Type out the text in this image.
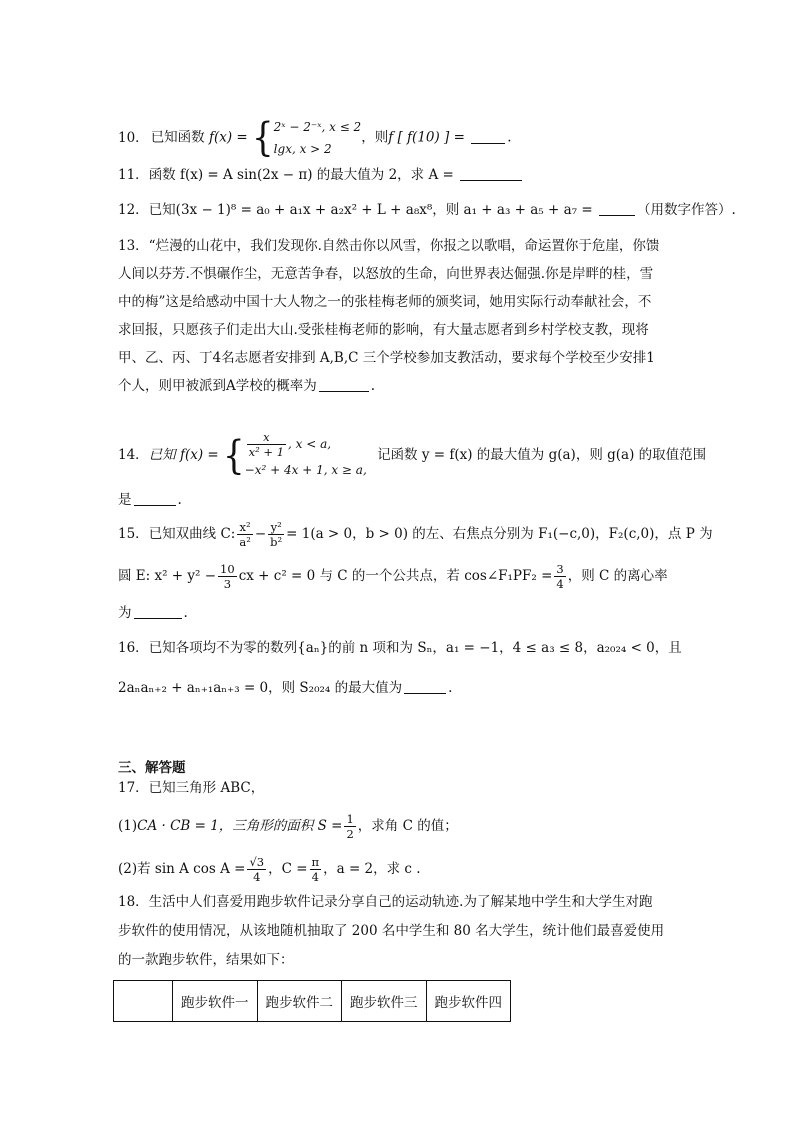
10． 已知函数 f(x) = { 2ˣ − 2⁻ˣ, x ≤ 2
lgx, x > 2
，则f [ f(10) ] =	.
11．函数 f(x) = A sin(2x − π) 的最大值为 2，求 A =
12．已知(3x − 1)⁸ = a₀ + a₁x + a₂x² + L + a₈x⁸，则 a₁ + a₃ + a₅ + a₇ =	（用数字作答）.
13．“烂漫的山花中，我们发现你.自然击你以风雪，你报之以歌唱，命运置你于危崖，你馈
人间以芬芳.不惧碾作尘，无意苦争春，以怒放的生命，向世界表达倔强.你是岸畔的桂，雪
中的梅”这是给感动中国十大人物之一的张桂梅老师的颁奖词，她用实际行动奉献社会，不
求回报，只愿孩子们走出大山.受张桂梅老师的影响，有大量志愿者到乡村学校支教，现将
甲、乙、丙、丁4名志愿者安排到 A,B,C 三个学校参加支教活动，要求每个学校至少安排1
个人，则甲被派到A学校的概率为	.
14．已知 f(x) = { $\frac{x}{\text{x² + 1}}$ , x < a,
−x² + 4x + 1, x ≥ a,
记函数 y = f(x) 的最大值为 g(a)，则 g(a) 的取值范围
是	.
15．已知双曲线 C: $\frac{\text{x²}}{\text{a²}} - \frac{\text{y²}}{\text{b²}} = 1(a > 0$，b > 0) 的左、右焦点分别为 F₁(−c,0)，F₂(c,0)，点 P 为
圆 E: $x^2 + y^2 - \frac{10}{3}$ cx + c² = 0 与 C 的一个公共点，若 cos∠F₁PF₂ = $\frac{3}{4}$ ，则 C 的离心率
为	.
16．已知各项均不为零的数列{aₙ}的前 n 项和为 Sₙ，a₁ = −1，4 ≤ a₃ ≤ 8，a₂₀₂₄ < 0，且
2aₙaₙ₊₂ + aₙ₊₁aₙ₊₃ = 0，则 S₂₀₂₄ 的最大值为	.
三、解答题
17．已知三角形 ABC，
(1)CA · CB = 1，三角形的面积 $S = \frac{1}{2}$ ，求角 C 的值；
(2)若 sin A $\cos A = \frac{√3}{4}$ ，$C = \frac{\pi}{4}$ ，a = 2，求 c .
18．生活中人们喜爱用跑步软件记录分享自己的运动轨迹.为了解某地中学生和大学生对跑
步软件的使用情况，从该地随机抽取了 200 名中学生和 80 名大学生，统计他们最喜爱使用
的一款跑步软件，结果如下：
	跑步软件一	跑步软件二	跑步软件三	跑步软件四
